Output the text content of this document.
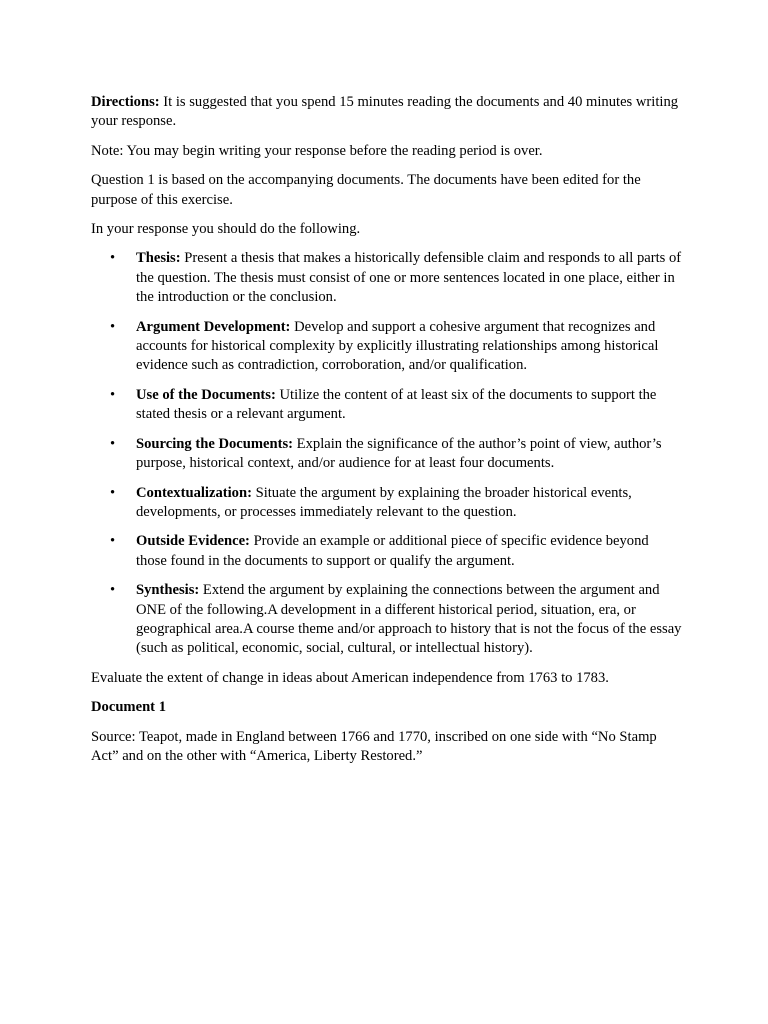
Directions: It is suggested that you spend 15 minutes reading the documents and 40 minutes writing your response.

Note: You may begin writing your response before the reading period is over.

Question 1 is based on the accompanying documents. The documents have been edited for the purpose of this exercise.

In your response you should do the following.

• Thesis: Present a thesis that makes a historically defensible claim and responds to all parts of the question. The thesis must consist of one or more sentences located in one place, either in the introduction or the conclusion.
• Argument Development: Develop and support a cohesive argument that recognizes and accounts for historical complexity by explicitly illustrating relationships among historical evidence such as contradiction, corroboration, and/or qualification.
• Use of the Documents: Utilize the content of at least six of the documents to support the stated thesis or a relevant argument.
• Sourcing the Documents: Explain the significance of the author’s point of view, author’s purpose, historical context, and/or audience for at least four documents.
• Contextualization: Situate the argument by explaining the broader historical events, developments, or processes immediately relevant to the question.
• Outside Evidence: Provide an example or additional piece of specific evidence beyond those found in the documents to support or qualify the argument.
• Synthesis: Extend the argument by explaining the connections between the argument and ONE of the following.A development in a different historical period, situation, era, or geographical area.A course theme and/or approach to history that is not the focus of the essay (such as political, economic, social, cultural, or intellectual history).

Evaluate the extent of change in ideas about American independence from 1763 to 1783.

Document 1

Source: Teapot, made in England between 1766 and 1770, inscribed on one side with “No Stamp Act” and on the other with “America, Liberty Restored.”
